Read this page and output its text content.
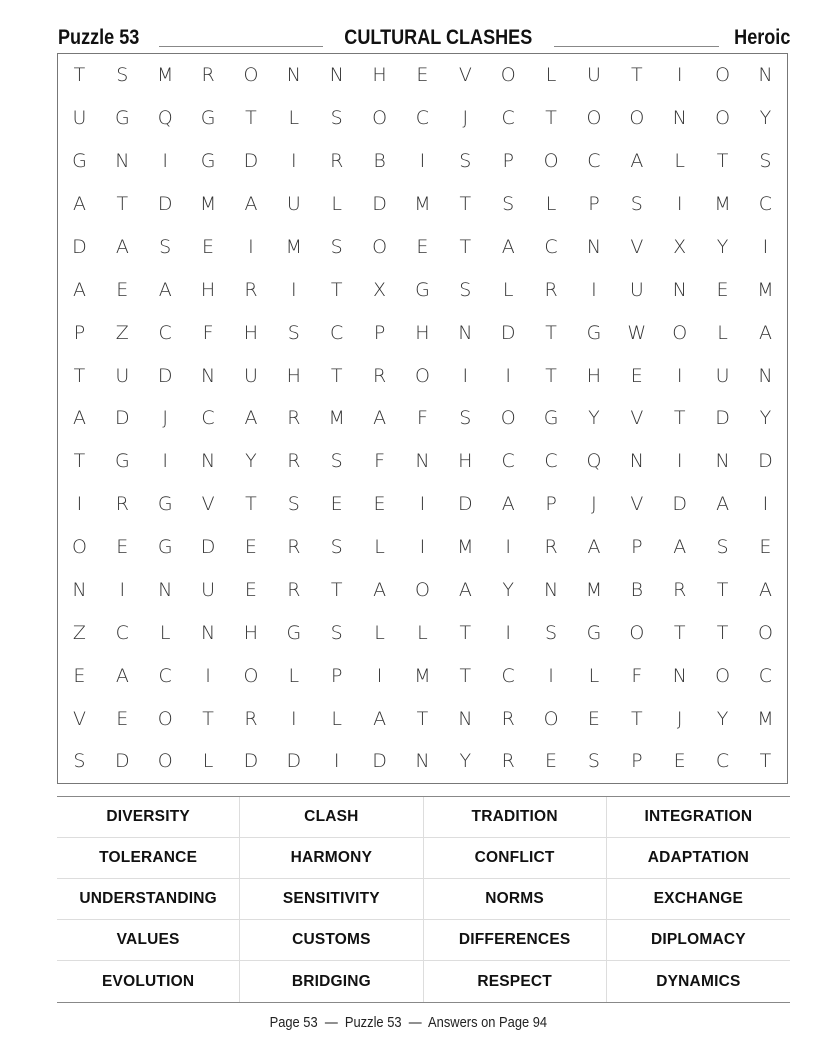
Puzzle 53	CULTURAL CLASHES	Heroic
T	S	M	R	O	N	N	H	E	V	O	L	U	T	I	O	N
U	G	Q	G	T	L	S	O	C	J	C	T	O	O	N	O	Y
G	N	I	G	D	I	R	B	I	S	P	O	C	A	L	T	S
A	T	D	M	A	U	L	D	M	T	S	L	P	S	I	M	C
D	A	S	E	I	M	S	O	E	T	A	C	N	V	X	Y	I
A	E	A	H	R	I	T	X	G	S	L	R	I	U	N	E	M
P	Z	C	F	H	S	C	P	H	N	D	T	G	W	O	L	A
T	U	D	N	U	H	T	R	O	I	I	T	H	E	I	U	N
A	D	J	C	A	R	M	A	F	S	O	G	Y	V	T	D	Y
T	G	I	N	Y	R	S	F	N	H	C	C	Q	N	I	N	D
I	R	G	V	T	S	E	E	I	D	A	P	J	V	D	A	I
O	E	G	D	E	R	S	L	I	M	I	R	A	P	A	S	E
N	I	N	U	E	R	T	A	O	A	Y	N	M	B	R	T	A
Z	C	L	N	H	G	S	L	L	T	I	S	G	O	T	T	O
E	A	C	I	O	L	P	I	M	T	C	I	L	F	N	O	C
V	E	O	T	R	I	L	A	T	N	R	O	E	T	J	Y	M
S	D	O	L	D	D	I	D	N	Y	R	E	S	P	E	C	T
DIVERSITY	CLASH	TRADITION	INTEGRATION
TOLERANCE	HARMONY	CONFLICT	ADAPTATION
UNDERSTANDING	SENSITIVITY	NORMS	EXCHANGE
VALUES	CUSTOMS	DIFFERENCES	DIPLOMACY
EVOLUTION	BRIDGING	RESPECT	DYNAMICS
Page 53  —  Puzzle 53  —  Answers on Page 94
